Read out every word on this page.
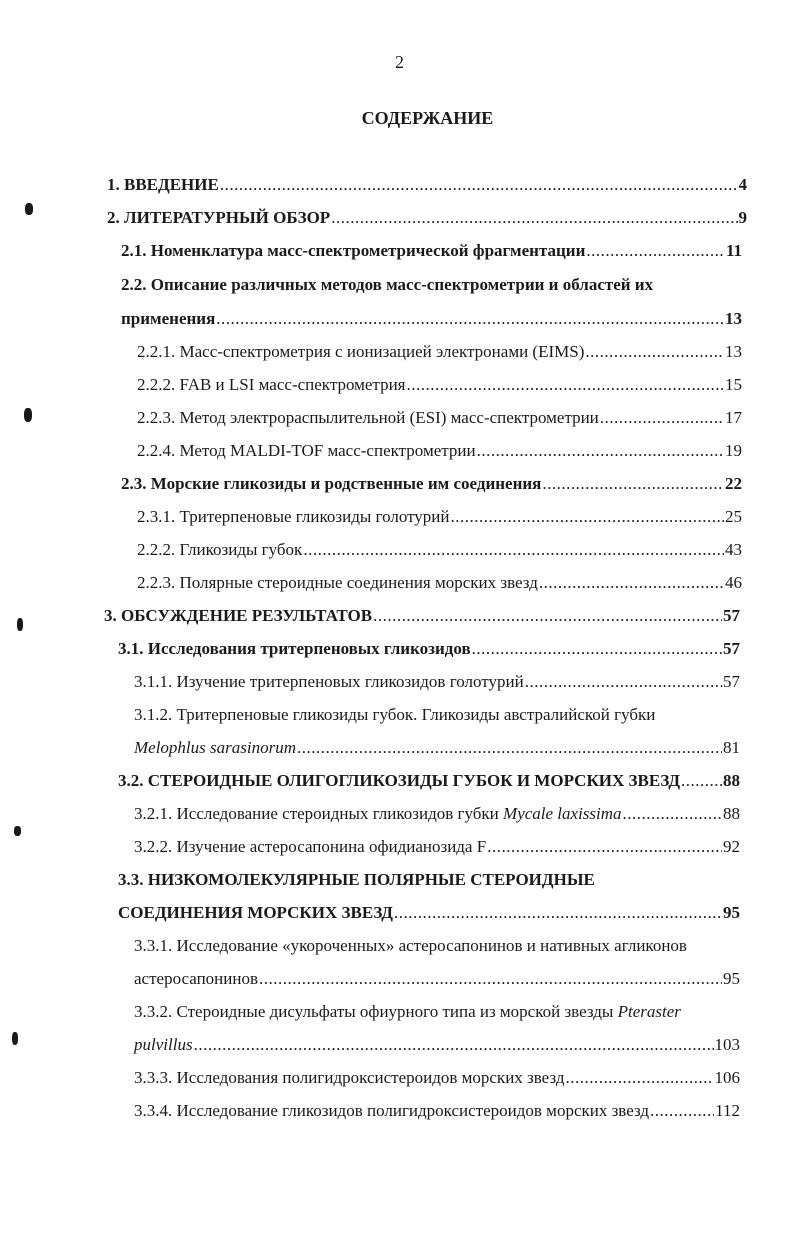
2
СОДЕРЖАНИЕ
1. ВВЕДЕНИЕ .....	4
2. ЛИТЕРАТУРНЫЙ ОБЗОР .....	9
2.1. Номенклатура масс-спектрометрической фрагментации .....	11
2.2. Описание различных методов масс-спектрометрии и областей их
применения .....	13
2.2.1. Масс-спектрометрия с ионизацией электронами (EIMS) .....	13
2.2.2. FAB и LSI масс-спектрометрия .....	15
2.2.3. Метод электрораспылительной (ESI) масс-спектрометрии .....	17
2.2.4. Метод MALDI-TOF масс-спектрометрии .....	19
2.3. Морские гликозиды и родственные им соединения .....	22
2.3.1. Тритерпеновые гликозиды голотурий .....	25
2.2.2. Гликозиды губок .....	43
2.2.3. Полярные стероидные соединения морских звезд .....	46
3. ОБСУЖДЕНИЕ РЕЗУЛЬТАТОВ .....	57
3.1. Исследования тритерпеновых гликозидов .....	57
3.1.1. Изучение тритерпеновых гликозидов голотурий .....	57
3.1.2. Тритерпеновые гликозиды губок. Гликозиды австралийской губки
Melophlus sarasinorum .....	81
3.2. СТЕРОИДНЫЕ ОЛИГОГЛИКОЗИДЫ ГУБОК И МОРСКИХ ЗВЕЗД .....	88
3.2.1. Исследование стероидных гликозидов губки Mycale laxissima .....	88
3.2.2. Изучение астеросапонина офидианозида F .....	92
3.3. НИЗКОМОЛЕКУЛЯРНЫЕ ПОЛЯРНЫЕ СТЕРОИДНЫЕ
СОЕДИНЕНИЯ МОРСКИХ ЗВЕЗД .....	95
3.3.1. Исследование «укороченных» астеросапонинов и нативных агликонов
астеросапонинов .....	95
3.3.2. Стероидные дисульфаты офиурного типа из морской звезды Pteraster
pulvillus .....	103
3.3.3. Исследования полигидроксистероидов морских звезд .....	106
3.3.4. Исследование гликозидов полигидроксистероидов морских звезд .....	112
